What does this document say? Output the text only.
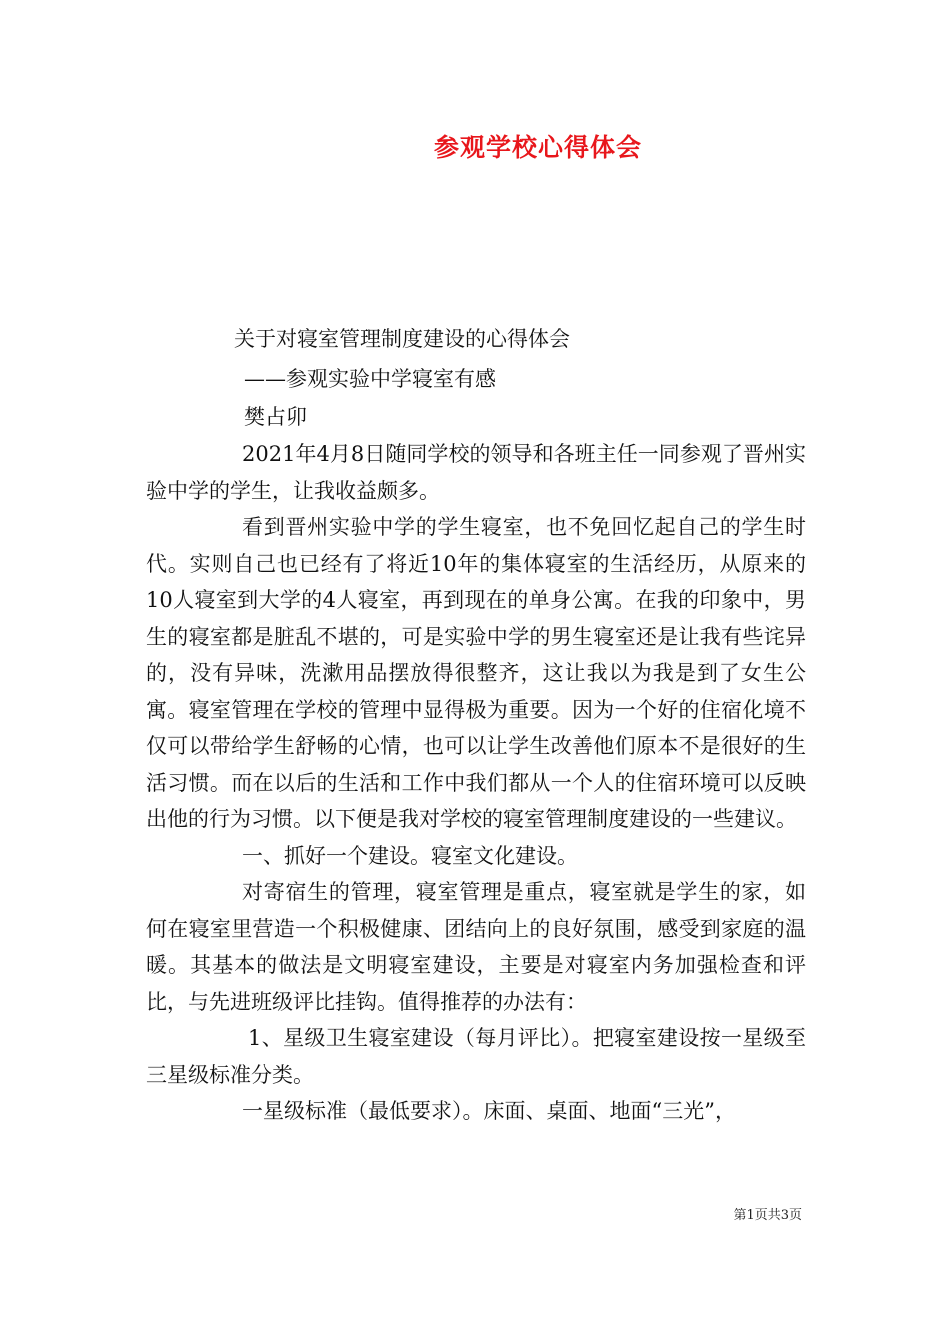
参观学校心得体会
关于对寝室管理制度建设的心得体会
——参观实验中学寝室有感
樊占卯

2021年4月8日随同学校的领导和各班主任一同参观了晋州实验中学的学生，让我收益颇多。

看到晋州实验中学的学生寝室，也不免回忆起自己的学生时代。实则自己也已经有了将近10年的集体寝室的生活经历，从原来的10人寝室到大学的4人寝室，再到现在的单身公寓。在我的印象中，男生的寝室都是脏乱不堪的，可是实验中学的男生寝室还是让我有些诧异的，没有异味，洗漱用品摆放得很整齐，这让我以为我是到了女生公寓。寝室管理在学校的管理中显得极为重要。因为一个好的住宿化境不仅可以带给学生舒畅的心情，也可以让学生改善他们原本不是很好的生活习惯。而在以后的生活和工作中我们都从一个人的住宿环境可以反映出他的行为习惯。以下便是我对学校的寝室管理制度建设的一些建议。

一、抓好一个建设。寝室文化建设。

对寄宿生的管理，寝室管理是重点，寝室就是学生的家，如何在寝室里营造一个积极健康、团结向上的良好氛围，感受到家庭的温暖。其基本的做法是文明寝室建设，主要是对寝室内务加强检查和评比，与先进班级评比挂钩。值得推荐的办法有：

1、星级卫生寝室建设（每月评比）。把寝室建设按一星级至三星级标准分类。

一星级标准（最低要求）。床面、桌面、地面“三光”，

第1页共3页
